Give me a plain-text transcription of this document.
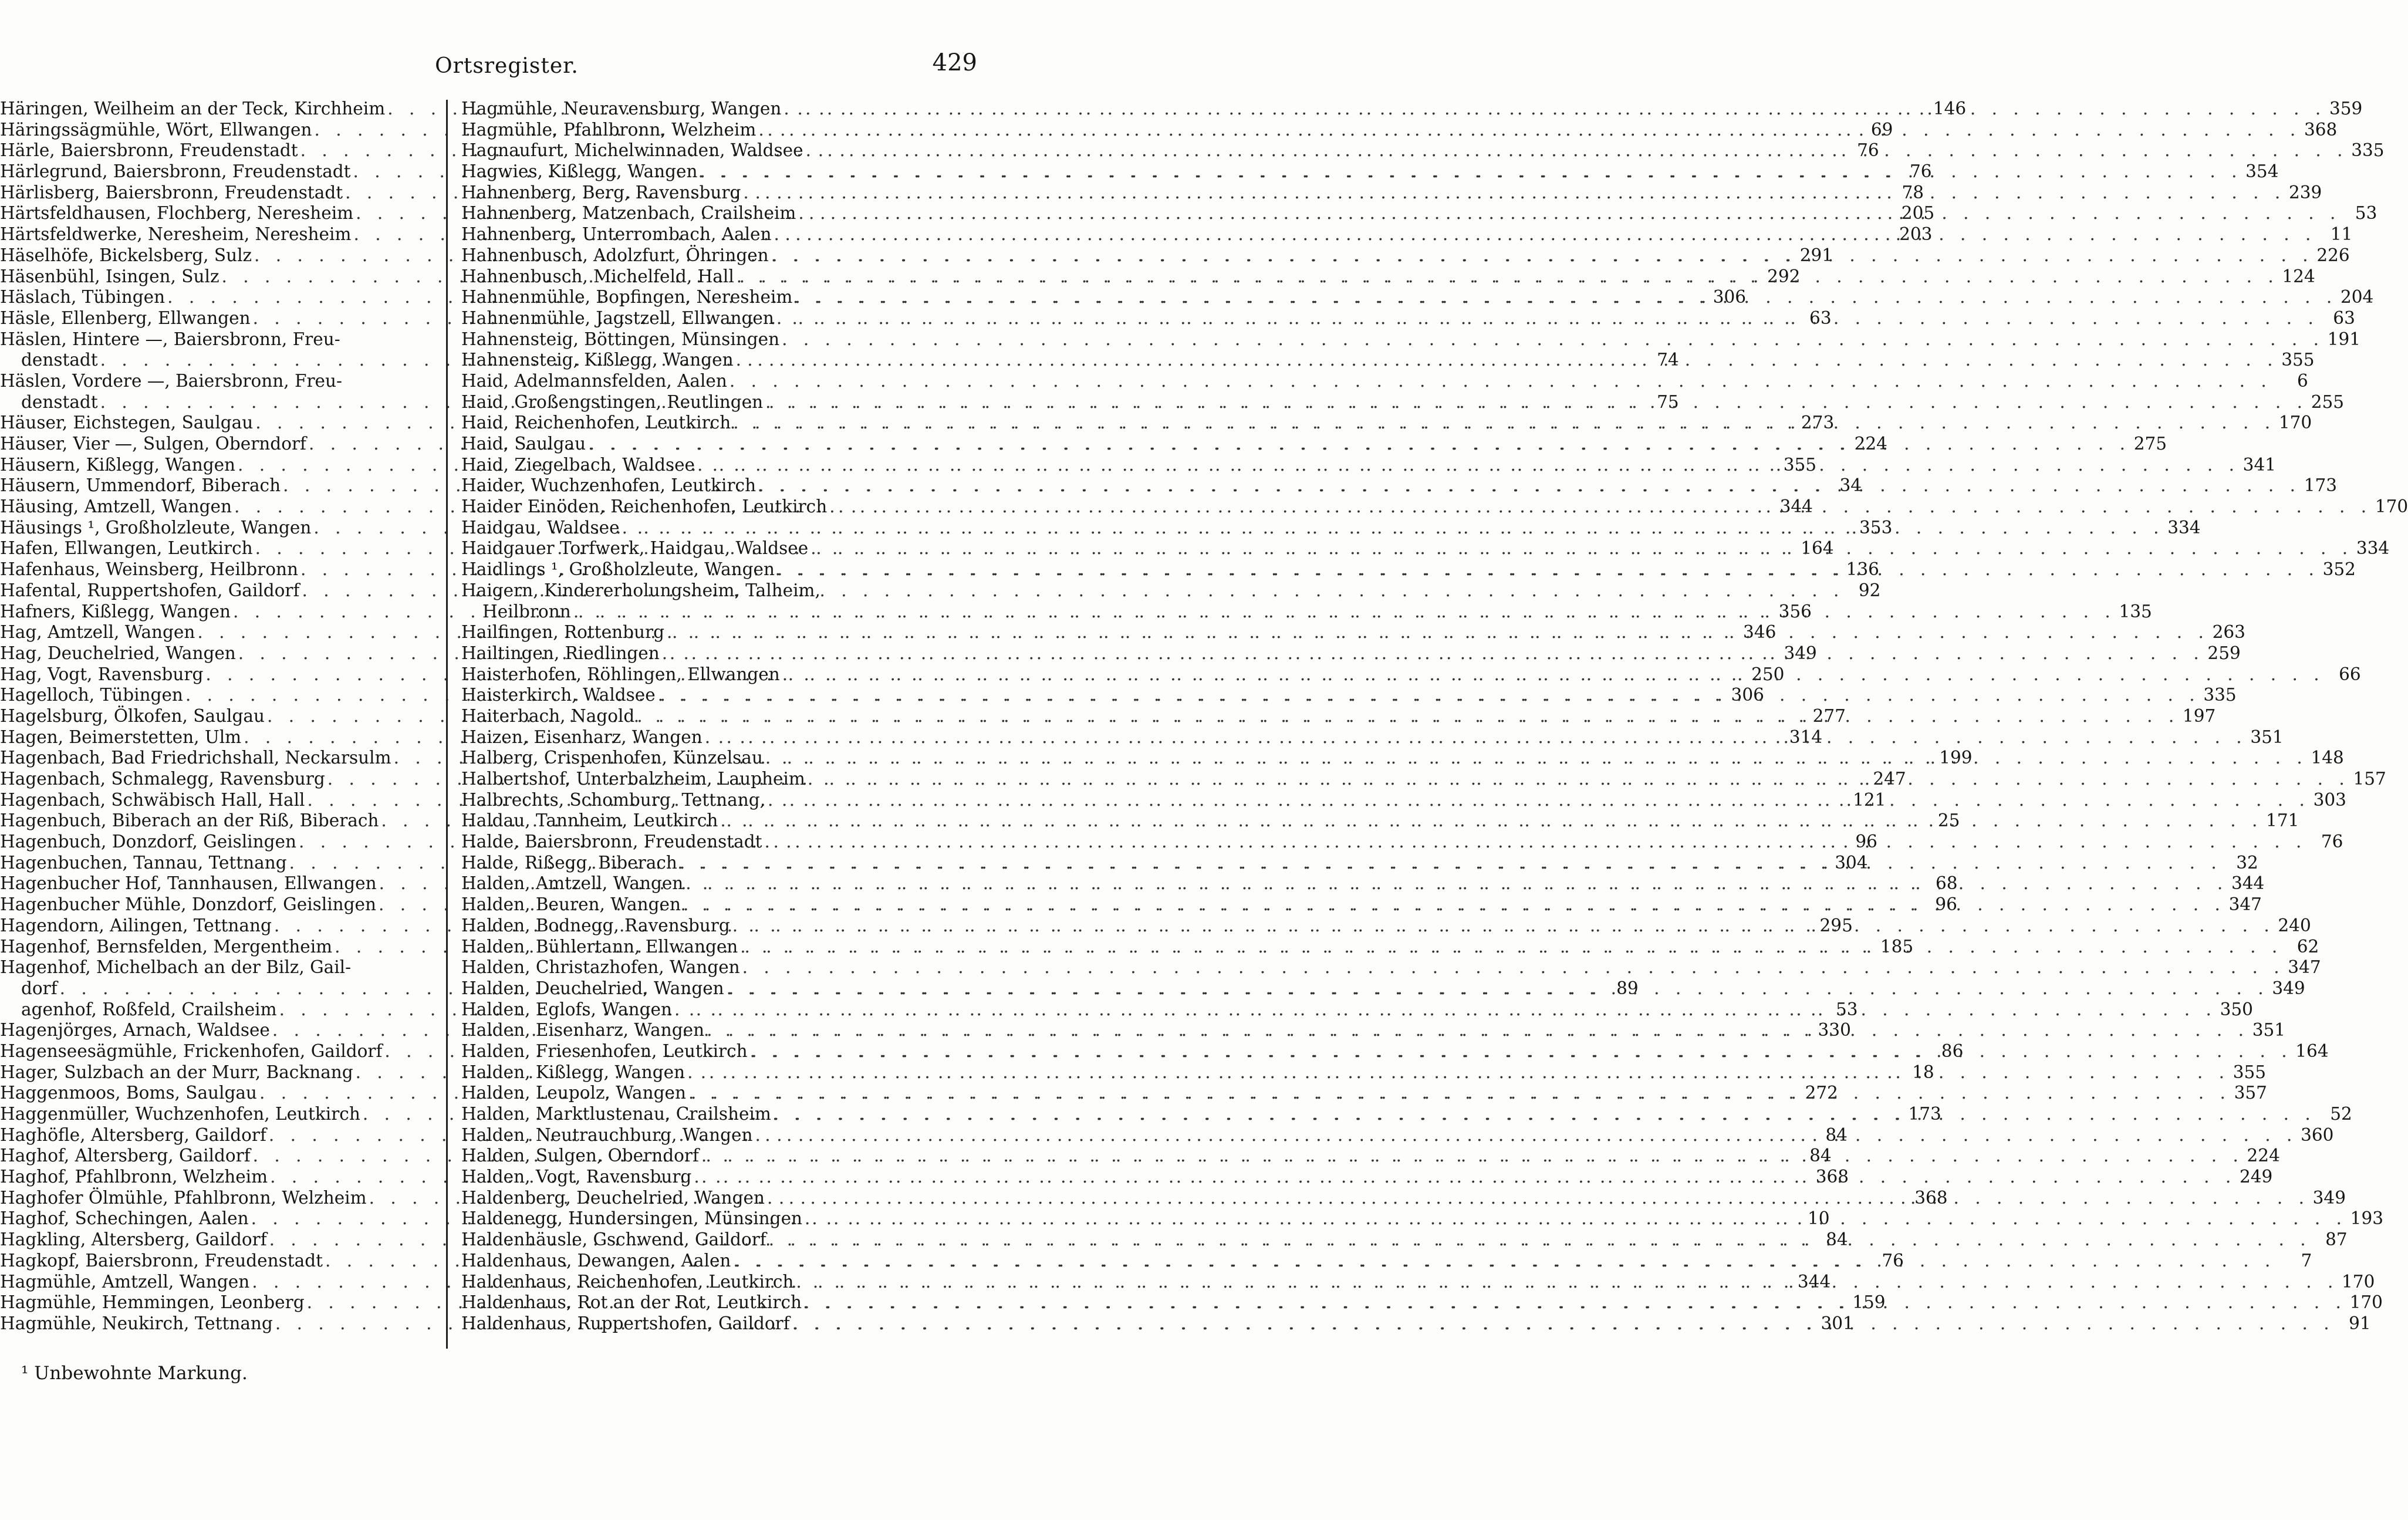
Ortsregister.	429
Häringen, Weilheim an der Teck, Kirchheim . . .	146
Häringssägmühle, Wört, Ellwangen . . .	69
Härle, Baiersbronn, Freudenstadt . . .	76
Härlegrund, Baiersbronn, Freudenstadt . . .	76
Härlisberg, Baiersbronn, Freudenstadt . . .	78
Härtsfeldhausen, Flochberg, Neresheim . . .	205
Härtsfeldwerke, Neresheim, Neresheim . . .	203
Häselhöfe, Bickelsberg, Sulz . . .	291
Häsenbühl, Isingen, Sulz . . .	292
Häslach, Tübingen . . .	306
Häsle, Ellenberg, Ellwangen . . .	63
Häslen, Hintere —, Baiersbronn, Freu-
denstadt . . .	74
Häslen, Vordere —, Baiersbronn, Freu-
denstadt . . .	75
Häuser, Eichstegen, Saulgau . . .	273
Häuser, Vier —, Sulgen, Oberndorf . . .	224
Häusern, Kißlegg, Wangen . . .	355
Häusern, Ummendorf, Biberach . . .	34
Häusing, Amtzell, Wangen . . .	344
Häusings ¹, Großholzleute, Wangen . . .	353
Hafen, Ellwangen, Leutkirch . . .	164
Hafenhaus, Weinsberg, Heilbronn . . .	136
Hafental, Ruppertshofen, Gaildorf . . .	92
Hafners, Kißlegg, Wangen . . .	356
Hag, Amtzell, Wangen . . .	346
Hag, Deuchelried, Wangen . . .	349
Hag, Vogt, Ravensburg . . .	250
Hagelloch, Tübingen . . .	306
Hagelsburg, Ölkofen, Saulgau . . .	277
Hagen, Beimerstetten, Ulm . . .	314
Hagenbach, Bad Friedrichshall, Neckarsulm . . .	199
Hagenbach, Schmalegg, Ravensburg . . .	247
Hagenbach, Schwäbisch Hall, Hall . . .	121
Hagenbuch, Biberach an der Riß, Biberach . . .	25
Hagenbuch, Donzdorf, Geislingen . . .	96
Hagenbuchen, Tannau, Tettnang . . .	304
Hagenbucher Hof, Tannhausen, Ellwangen . . .	68
Hagenbucher Mühle, Donzdorf, Geislingen . . .	96
Hagendorn, Ailingen, Tettnang . . .	295
Hagenhof, Bernsfelden, Mergentheim . . .	185
Hagenhof, Michelbach an der Bilz, Gail-
dorf . . .	89
agenhof, Roßfeld, Crailsheim . . .	53
Hagenjörges, Arnach, Waldsee . . .	330
Hagenseesägmühle, Frickenhofen, Gaildorf . . .	86
Hager, Sulzbach an der Murr, Backnang . . .	18
Haggenmoos, Boms, Saulgau . . .	272
Haggenmüller, Wuchzenhofen, Leutkirch . . .	173
Haghöfle, Altersberg, Gaildorf . . .	84
Haghof, Altersberg, Gaildorf . . .	84
Haghof, Pfahlbronn, Welzheim . . .	368
Haghofer Ölmühle, Pfahlbronn, Welzheim . . .	368
Haghof, Schechingen, Aalen . . .	10
Hagkling, Altersberg, Gaildorf . . .	84
Hagkopf, Baiersbronn, Freudenstadt . . .	76
Hagmühle, Amtzell, Wangen . . .	344
Hagmühle, Hemmingen, Leonberg . . .	159
Hagmühle, Neukirch, Tettnang . . .	301
Hagmühle, Neuravensburg, Wangen . . .	359
Hagmühle, Pfahlbronn, Welzheim . . .	368
Hagnaufurt, Michelwinnaden, Waldsee . . .	335
Hagwies, Kißlegg, Wangen . . .	354
Hahnenberg, Berg, Ravensburg . . .	239
Hahnenberg, Matzenbach, Crailsheim . . .	53
Hahnenberg, Unterrombach, Aalen . . .	11
Hahnenbusch, Adolzfurt, Öhringen . . .	226
Hahnenbusch, Michelfeld, Hall . . .	124
Hahnenmühle, Bopfingen, Neresheim . . .	204
Hahnenmühle, Jagstzell, Ellwangen . . .	63
Hahnensteig, Böttingen, Münsingen . . .	191
Hahnensteig, Kißlegg, Wangen . . .	355
Haid, Adelmannsfelden, Aalen . . .	6
Haid, Großengstingen, Reutlingen . . .	255
Haid, Reichenhofen, Leutkirch . . .	170
Haid, Saulgau . . .	275
Haid, Ziegelbach, Waldsee . . .	341
Haider, Wuchzenhofen, Leutkirch . . .	173
Haider Einöden, Reichenhofen, Leutkirch . . .	170
Haidgau, Waldsee . . .	334
Haidgauer Torfwerk, Haidgau, Waldsee . . .	334
Haidlings ¹, Großholzleute, Wangen . . .	352
Haigern, Kindererholungsheim, Talheim,
Heilbronn . . .	135
Hailfingen, Rottenburg . . .	263
Hailtingen, Riedlingen . . .	259
Haisterhofen, Röhlingen, Ellwangen . . .	66
Haisterkirch, Waldsee . . .	335
Haiterbach, Nagold . . .	197
Haizen, Eisenharz, Wangen . . .	351
Halberg, Crispenhofen, Künzelsau . . .	148
Halbertshof, Unterbalzheim, Laupheim . . .	157
Halbrechts, Schomburg, Tettnang, . . .	303
Haldau, Tannheim, Leutkirch . . .	171
Halde, Baiersbronn, Freudenstadt . . .	76
Halde, Rißegg, Biberach . . .	32
Halden, Amtzell, Wangen . . .	344
Halden, Beuren, Wangen . . .	347
Halden, Bodnegg, Ravensburg . . .	240
Halden, Bühlertann, Ellwangen . . .	62
Halden, Christazhofen, Wangen . . .	347
Halden, Deuchelried, Wangen . . .	349
Halden, Eglofs, Wangen . . .	350
Halden, Eisenharz, Wangen . . .	351
Halden, Friesenhofen, Leutkirch . . .	164
Halden, Kißlegg, Wangen . . .	355
Halden, Leupolz, Wangen . . .	357
Halden, Marktlustenau, Crailsheim . . .	52
Halden, Neutrauchburg, Wangen . . .	360
Halden, Sulgen, Oberndorf . . .	224
Halden, Vogt, Ravensburg . . .	249
Haldenberg, Deuchelried, Wangen . . .	349
Haldenegg, Hundersingen, Münsingen . . .	193
Haldenhäusle, Gschwend, Gaildorf . . .	87
Haldenhaus, Dewangen, Aalen . . .	7
Haldenhaus, Reichenhofen, Leutkirch . . .	170
Haldenhaus, Rot an der Rot, Leutkirch . . .	170
Haldenhaus, Ruppertshofen, Gaildorf . . .	91
¹ Unbewohnte Markung.
